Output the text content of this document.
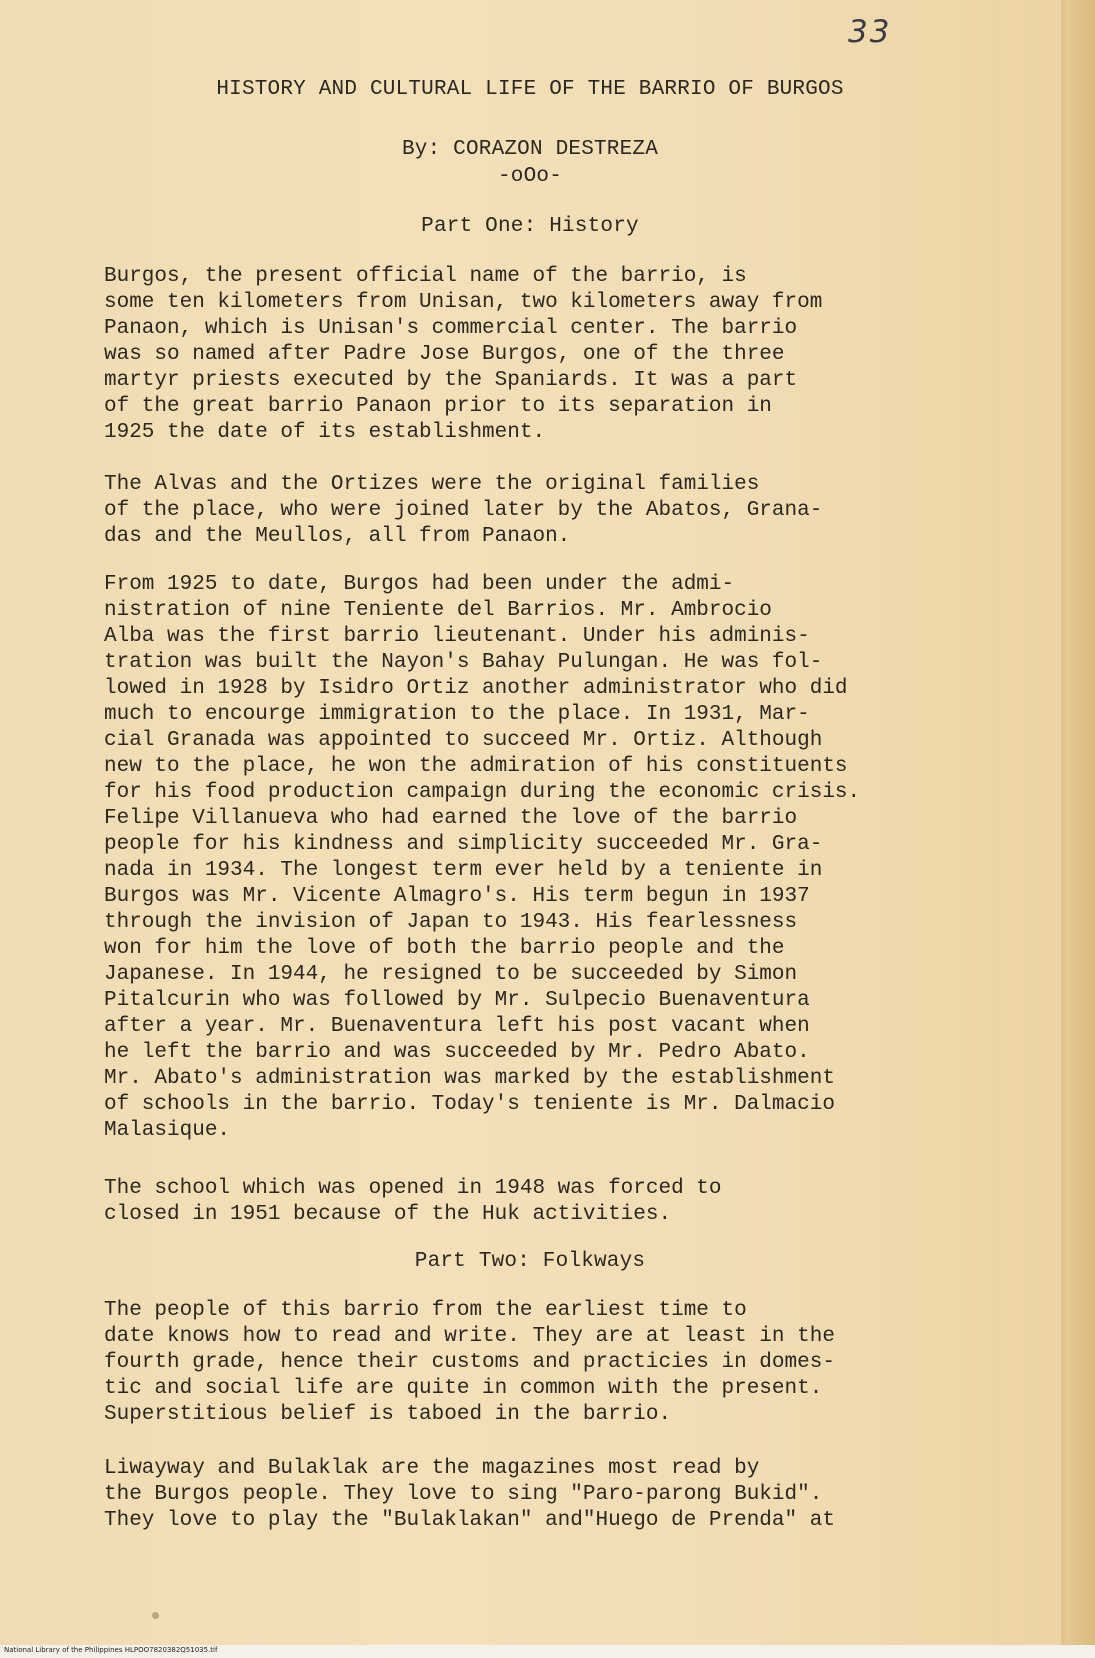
33
HISTORY AND CULTURAL LIFE OF THE BARRIO OF BURGOS
By: CORAZON DESTREZA
-oOo-
Part One: History
Burgos, the present official name of the barrio, is
some ten kilometers from Unisan, two kilometers away from
Panaon, which is Unisan's commercial center. The barrio
was so named after Padre Jose Burgos, one of the three
martyr priests executed by the Spaniards. It was a part
of the great barrio Panaon prior to its separation in
1925 the date of its establishment.
The Alvas and the Ortizes were the original families
of the place, who were joined later by the Abatos, Grana-
das and the Meullos, all from Panaon.
From 1925 to date, Burgos had been under the admi-
nistration of nine Teniente del Barrios. Mr. Ambrocio
Alba was the first barrio lieutenant. Under his adminis-
tration was built the Nayon's Bahay Pulungan. He was fol-
lowed in 1928 by Isidro Ortiz another administrator who did
much to encourge immigration to the place. In 1931, Mar-
cial Granada was appointed to succeed Mr. Ortiz. Although
new to the place, he won the admiration of his constituents
for his food production campaign during the economic crisis.
Felipe Villanueva who had earned the love of the barrio
people for his kindness and simplicity succeeded Mr. Gra-
nada in 1934. The longest term ever held by a teniente in
Burgos was Mr. Vicente Almagro's. His term begun in 1937
through the invision of Japan to 1943. His fearlessness
won for him the love of both the barrio people and the
Japanese. In 1944, he resigned to be succeeded by Simon
Pitalcurin who was followed by Mr. Sulpecio Buenaventura
after a year. Mr. Buenaventura left his post vacant when
he left the barrio and was succeeded by Mr. Pedro Abato.
Mr. Abato's administration was marked by the establishment
of schools in the barrio. Today's teniente is Mr. Dalmacio
Malasique.
The school which was opened in 1948 was forced to
closed in 1951 because of the Huk activities.
Part Two: Folkways
The people of this barrio from the earliest time to
date knows how to read and write. They are at least in the
fourth grade, hence their customs and practicies in domes-
tic and social life are quite in common with the present.
Superstitious belief is taboed in the barrio.
Liwayway and Bulaklak are the magazines most read by
the Burgos people. They love to sing "Paro-parong Bukid".
They love to play the "Bulaklakan" and"Huego de Prenda" at
National Library of the Philippines HLPOO7820382Q51035.tif
